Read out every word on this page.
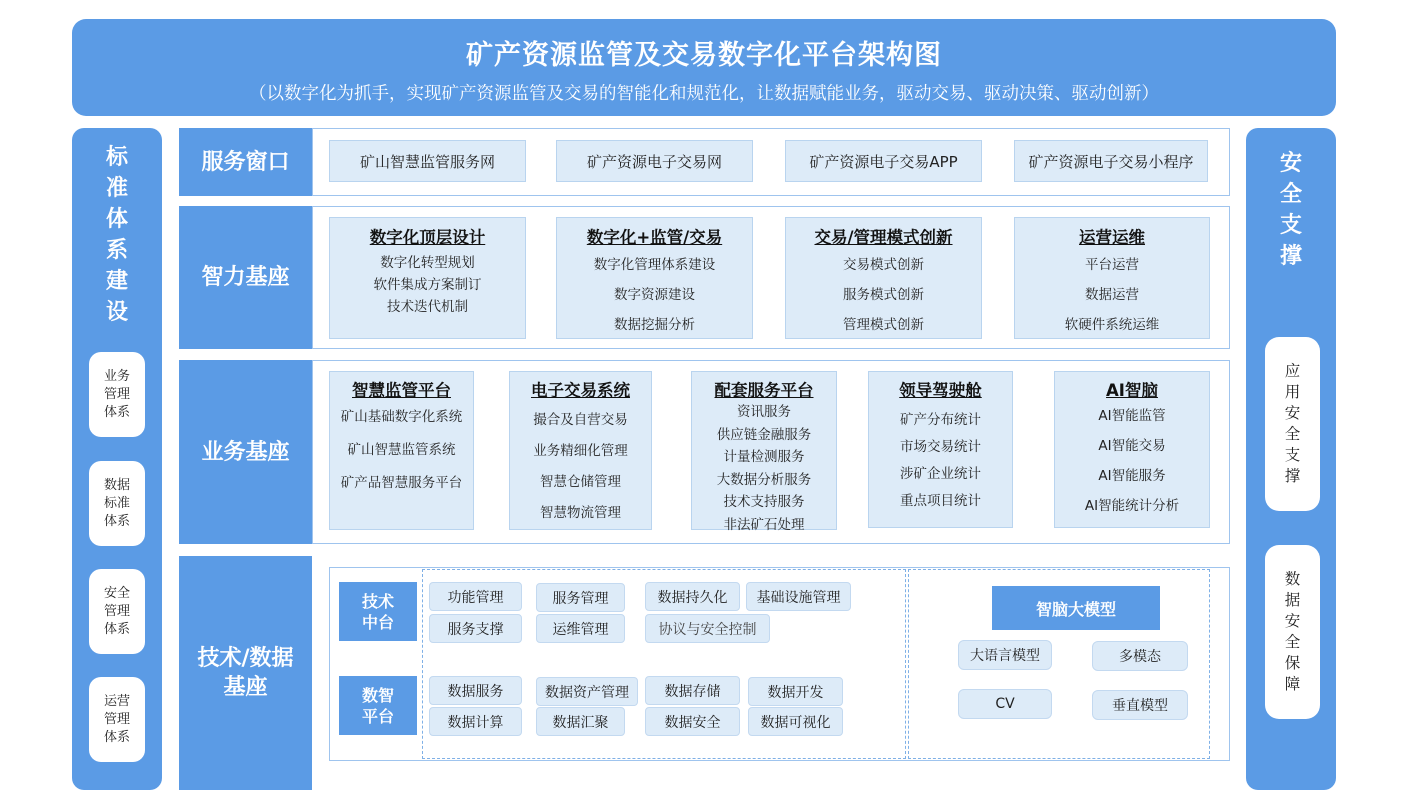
矿产资源监管及交易数字化平台架构图
（以数字化为抓手，实现矿产资源监管及交易的智能化和规范化，让数据赋能业务，驱动交易、驱动决策、驱动创新）
标
准
体
系
建
设
业务
管理
体系
数据
标准
体系
安全
管理
体系
运营
管理
体系
安
全
支
撑
应
用
安
全
支
撑
数
据
安
全
保
障
服务窗口	矿山智慧监管服务网	矿产资源电子交易网	矿产资源电子交易APP	矿产资源电子交易小程序
智力基座
数字化顶层设计
数字化转型规划
软件集成方案制订
技术迭代机制
数字化+监管/交易
数字化管理体系建设
数字资源建设
数据挖掘分析
交易/管理模式创新
交易模式创新
服务模式创新
管理模式创新
运营运维
平台运营
数据运营
软硬件系统运维
业务基座
智慧监管平台
矿山基础数字化系统
矿山智慧监管系统
矿产品智慧服务平台
电子交易系统
撮合及自营交易
业务精细化管理
智慧仓储管理
智慧物流管理
配套服务平台
资讯服务
供应链金融服务
计量检测服务
大数据分析服务
技术支持服务
非法矿石处理
领导驾驶舱
矿产分布统计
市场交易统计
涉矿企业统计
重点项目统计
AI智脑
AI智能监管
AI智能交易
AI智能服务
AI智能统计分析
技术/数据
基座
技术
中台
功能管理	服务管理	数据持久化	基础设施管理
服务支撑	运维管理	协议与安全控制
数智
平台
数据服务	数据资产管理	数据存储	数据开发
数据计算	数据汇聚	数据安全	数据可视化
智脑大模型
大语言模型	多模态
CV	垂直模型
